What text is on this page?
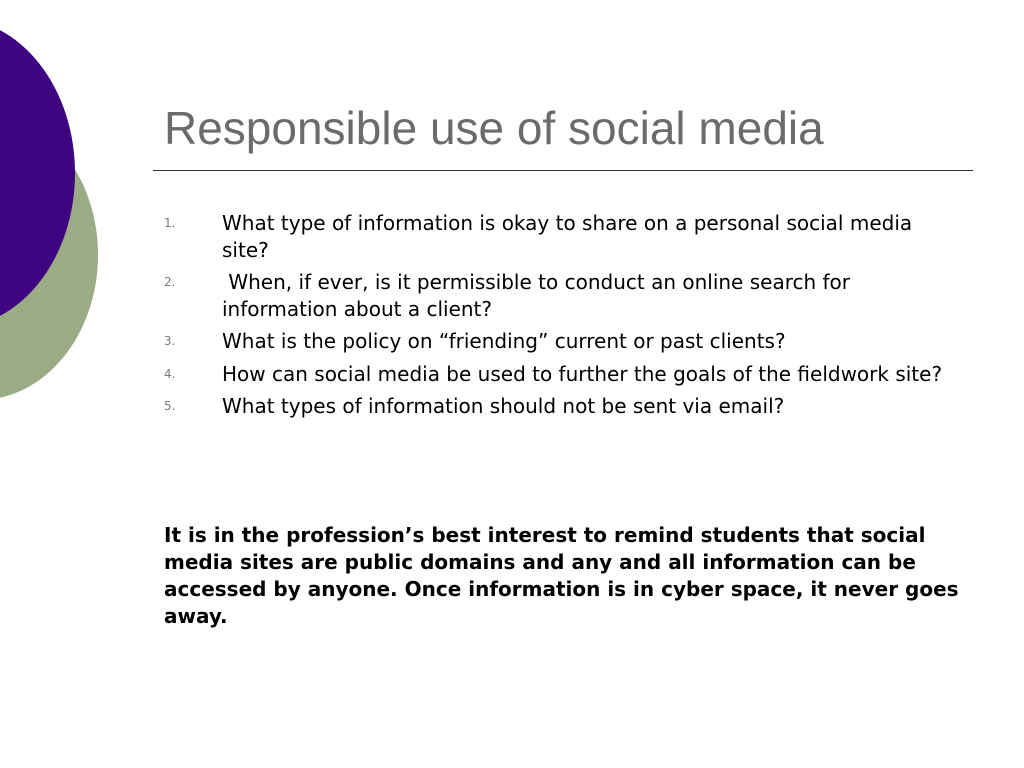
Responsible use of social media
1. What type of information is okay to share on a personal social media site?
2. When, if ever, is it permissible to conduct an online search for information about a client?
3. What is the policy on “friending” current or past clients?
4. How can social media be used to further the goals of the fieldwork site?
5. What types of information should not be sent via email?

It is in the profession’s best interest to remind students that social media sites are public domains and any and all information can be accessed by anyone. Once information is in cyber space, it never goes away.
